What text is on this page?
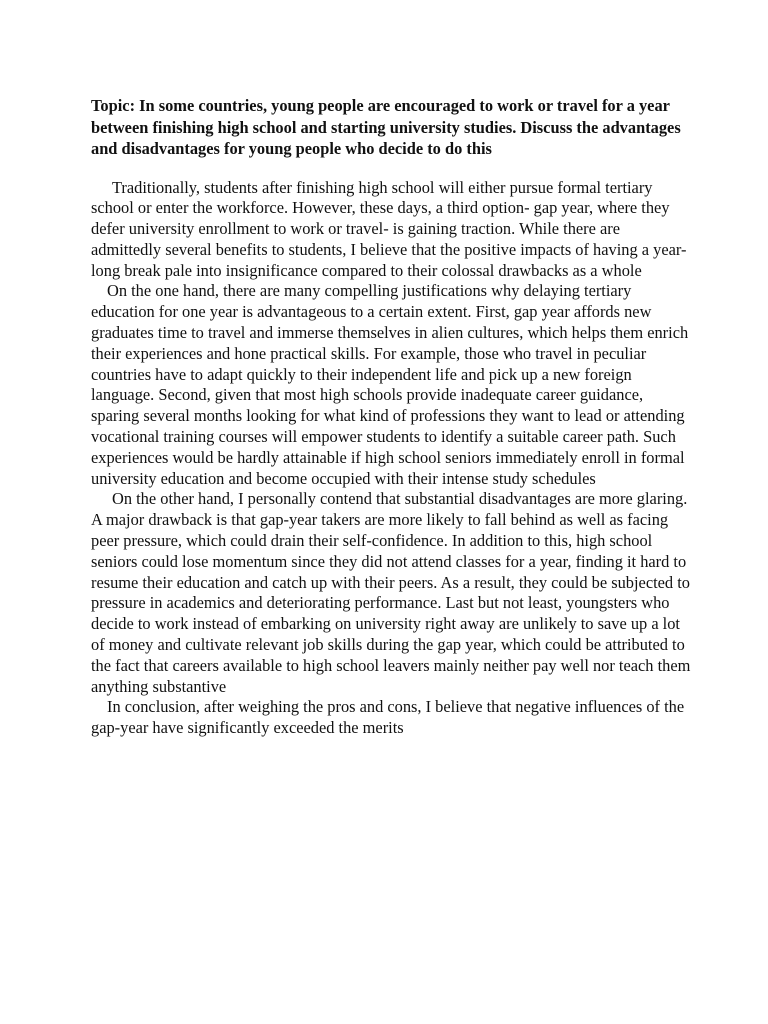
Topic: In some countries, young people are encouraged to work or travel for a year between finishing high school and starting university studies. Discuss the advantages and disadvantages for young people who decide to do this

Traditionally, students after finishing high school will either pursue formal tertiary school or enter the workforce. However, these days, a third option- gap year, where they defer university enrollment to work or travel- is gaining traction. While there are admittedly several benefits to students, I believe that the positive impacts of having a year-long break pale into insignificance compared to their colossal drawbacks as a whole

On the one hand, there are many compelling justifications why delaying tertiary education for one year is advantageous to a certain extent. First, gap year affords new graduates time to travel and immerse themselves in alien cultures, which helps them enrich their experiences and hone practical skills. For example, those who travel in peculiar countries have to adapt quickly to their independent life and pick up a new foreign language. Second, given that most high schools provide inadequate career guidance, sparing several months looking for what kind of professions they want to lead or attending vocational training courses will empower students to identify a suitable career path. Such experiences would be hardly attainable if high school seniors immediately enroll in formal university education and become occupied with their intense study schedules

On the other hand, I personally contend that substantial disadvantages are more glaring. A major drawback is that gap-year takers are more likely to fall behind as well as facing peer pressure, which could drain their self-confidence. In addition to this, high school seniors could lose momentum since they did not attend classes for a year, finding it hard to resume their education and catch up with their peers. As a result, they could be subjected to pressure in academics and deteriorating performance. Last but not least, youngsters who decide to work instead of embarking on university right away are unlikely to save up a lot of money and cultivate relevant job skills during the gap year, which could be attributed to the fact that careers available to high school leavers mainly neither pay well nor teach them anything substantive

In conclusion, after weighing the pros and cons, I believe that negative influences of the gap-year have significantly exceeded the merits
